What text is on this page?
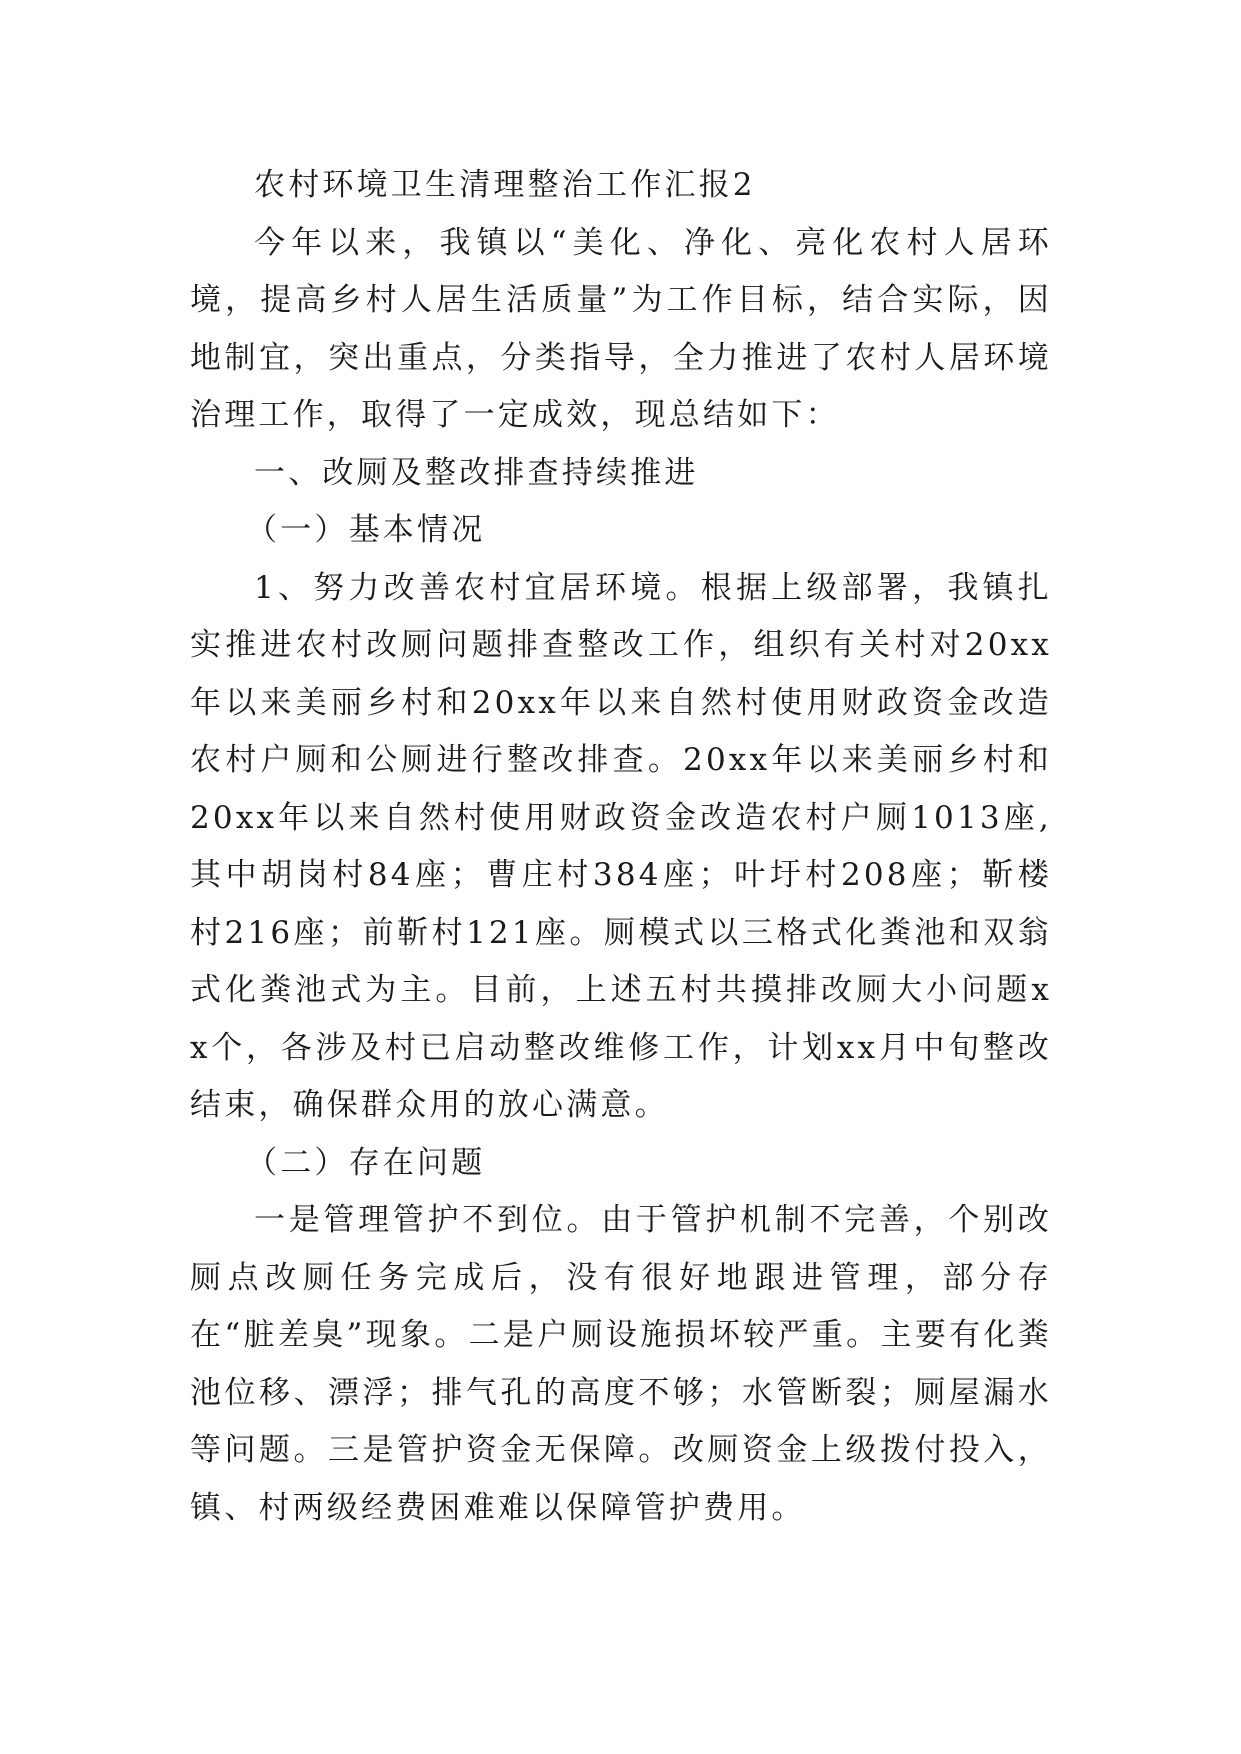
农村环境卫生清理整治工作汇报2

今年以来，我镇以“美化、净化、亮化农村人居环境，提高乡村人居生活质量”为工作目标，结合实际，因地制宜，突出重点，分类指导，全力推进了农村人居环境治理工作，取得了一定成效，现总结如下：

一、改厕及整改排查持续推进

（一）基本情况

1、努力改善农村宜居环境。根据上级部署，我镇扎实推进农村改厕问题排查整改工作，组织有关村对20xx年以来美丽乡村和20xx年以来自然村使用财政资金改造农村户厕和公厕进行整改排查。20xx年以来美丽乡村和20xx年以来自然村使用财政资金改造农村户厕1013座,其中胡岗村84座；曹庄村384座；叶圩村208座；靳楼村216座；前靳村121座。厕模式以三格式化粪池和双翁式化粪池式为主。目前，上述五村共摸排改厕大小问题xx个，各涉及村已启动整改维修工作，计划xx月中旬整改结束，确保群众用的放心满意。

（二）存在问题

一是管理管护不到位。由于管护机制不完善，个别改厕点改厕任务完成后，没有很好地跟进管理，部分存在“脏差臭”现象。二是户厕设施损坏较严重。主要有化粪池位移、漂浮；排气孔的高度不够；水管断裂；厕屋漏水等问题。三是管护资金无保障。改厕资金上级拨付投入，镇、村两级经费困难难以保障管护费用。
